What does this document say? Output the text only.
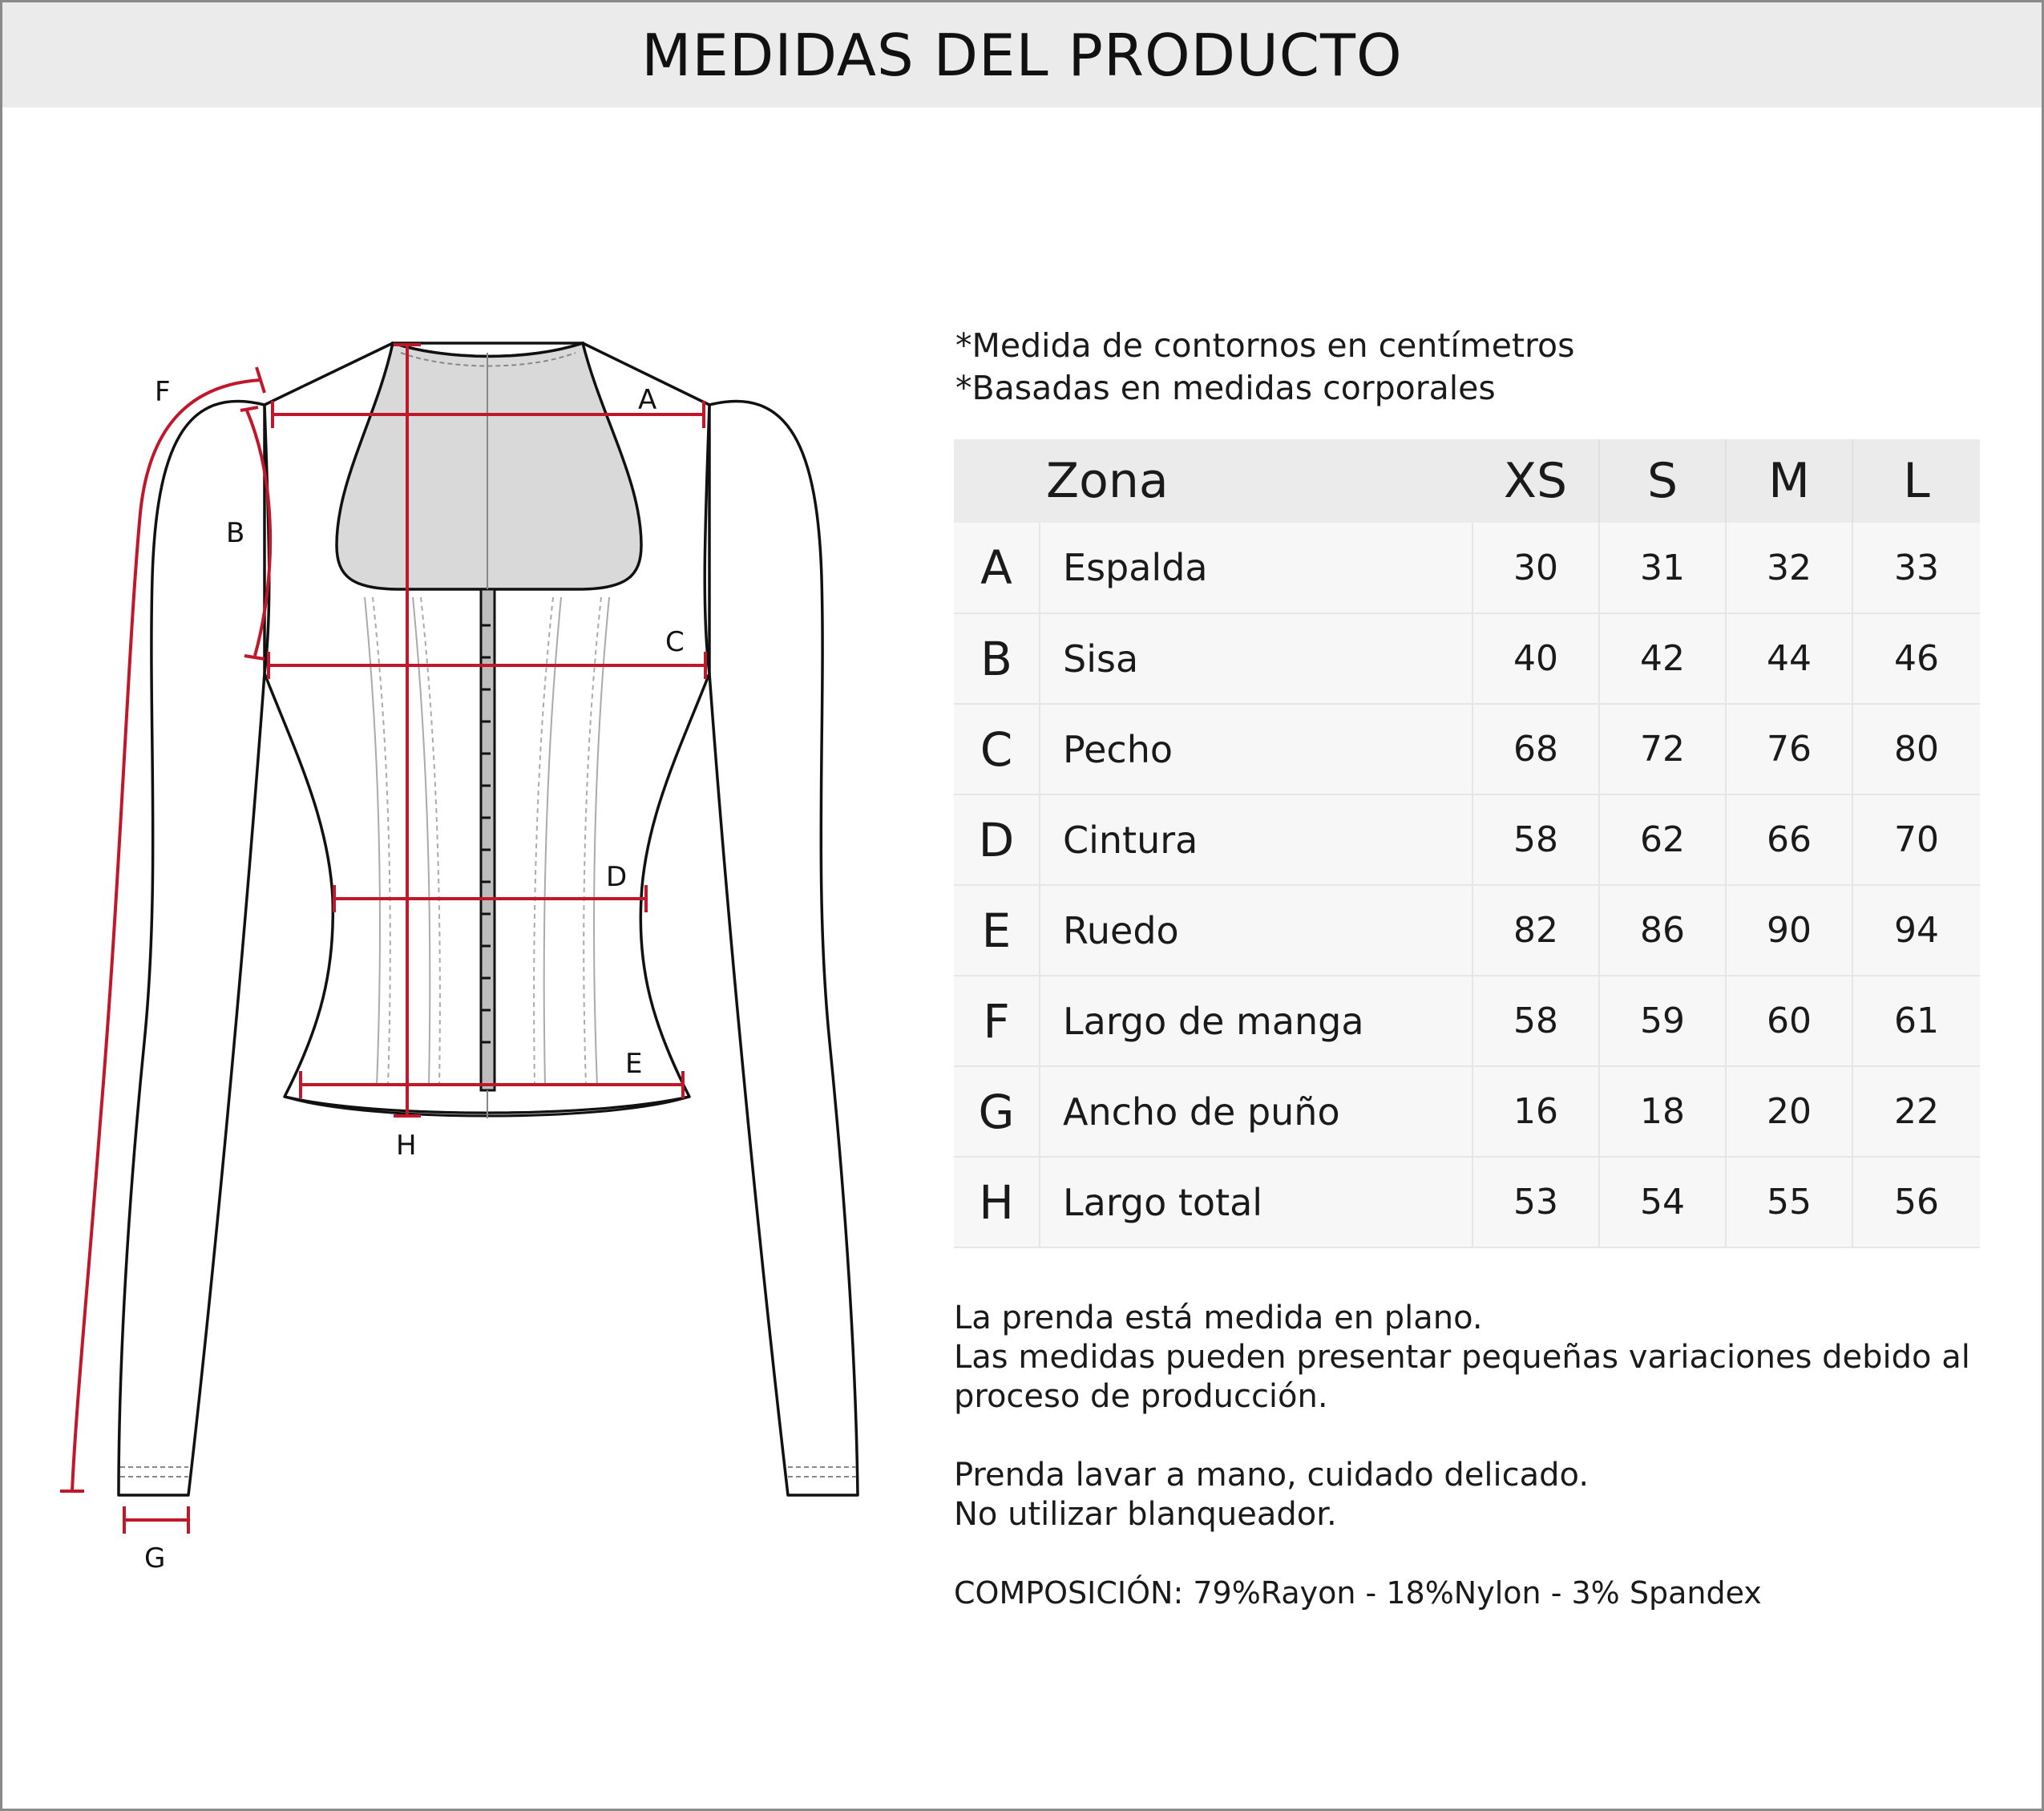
MEDIDAS DEL PRODUCTO
A
B
C
D
E
F
G
H
*Medida de contornos en centímetros
*Basadas en medidas corporales
Zona		XS	S	M	L
A	Espalda	30	31	32	33
B	Sisa	40	42	44	46
C	Pecho	68	72	76	80
D	Cintura	58	62	66	70
E	Ruedo	82	86	90	94
F	Largo de manga	58	59	60	61
G	Ancho de puño	16	18	20	22
H	Largo total	53	54	55	56

La prenda está medida en plano.

Las medidas pueden presentar pequeñas variaciones debido al

proceso de producción.

Prenda lavar a mano, cuidado delicado.

No utilizar blanqueador.

COMPOSICIÓN: 79%Rayon - 18%Nylon - 3% Spandex
